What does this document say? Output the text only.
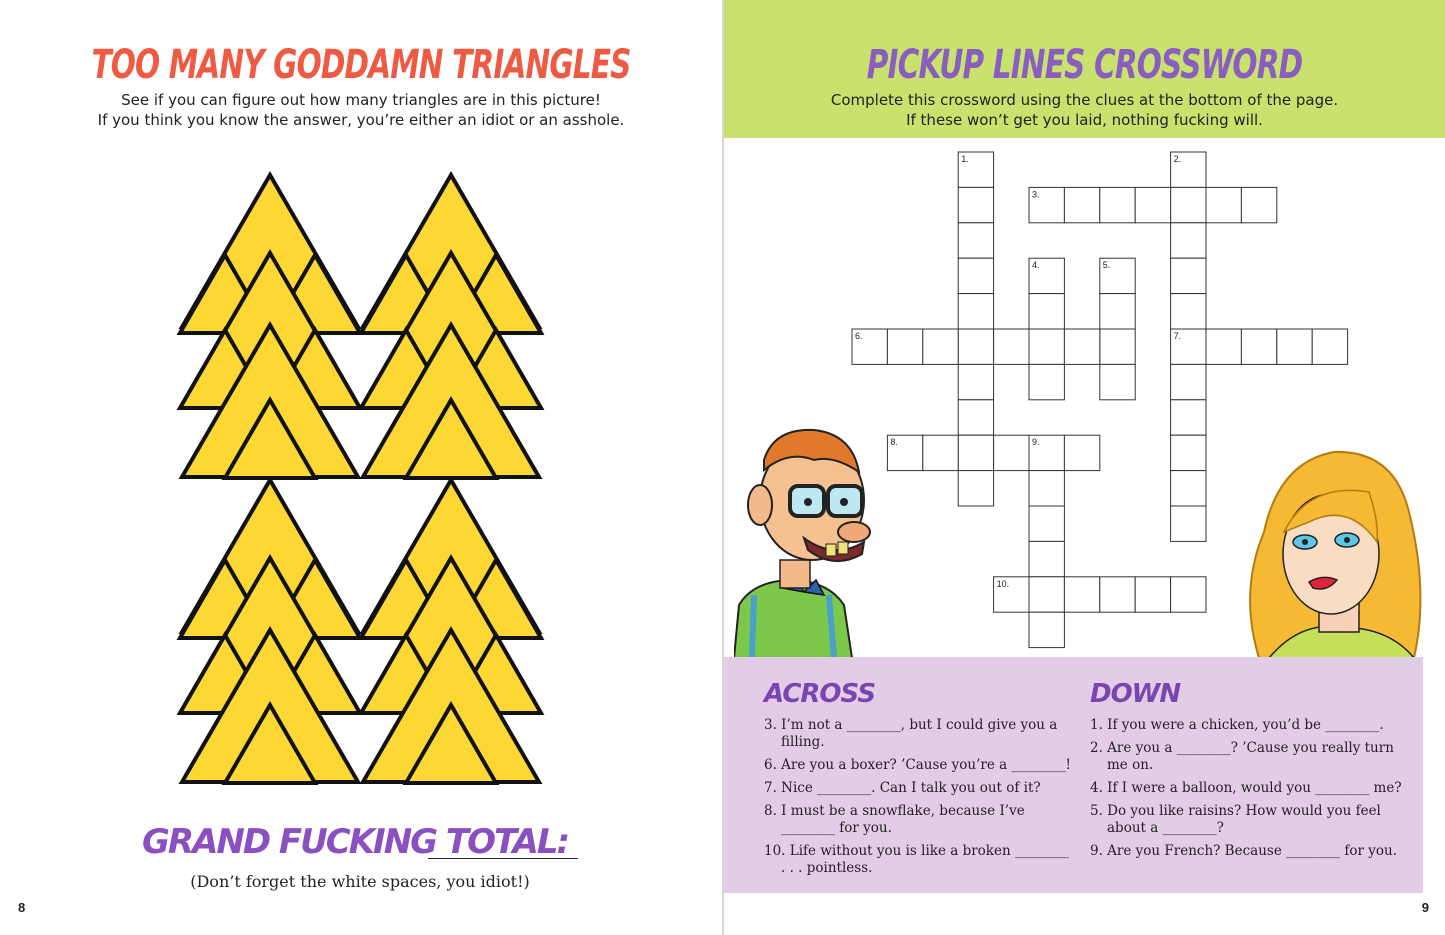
TOO MANY GODDAMN TRIANGLES
See if you can figure out how many triangles are in this picture!
If you think you know the answer, you’re either an idiot or an asshole.
GRAND FUCKING TOTAL:
(Don’t forget the white spaces, you idiot!)
8
PICKUP LINES CROSSWORD
Complete this crossword using the clues at the bottom of the page.
If these won’t get you laid, nothing fucking will.
1.	2.
3.
4.	5.
6.	7.
8.	9.
10.
ACROSS
3. I’m not a ________, but I could give you a filling.
6. Are you a boxer? ’Cause you’re a ________!
7. Nice ________. Can I talk you out of it?
8. I must be a snowflake, because I’ve ________ for you.
10. Life without you is like a broken ________ . . . pointless.
DOWN
1. If you were a chicken, you’d be ________.
2. Are you a ________? ’Cause you really turn me on.
4. If I were a balloon, would you ________ me?
5. Do you like raisins? How would you feel about a ________?
9. Are you French? Because ________ for you.
9
